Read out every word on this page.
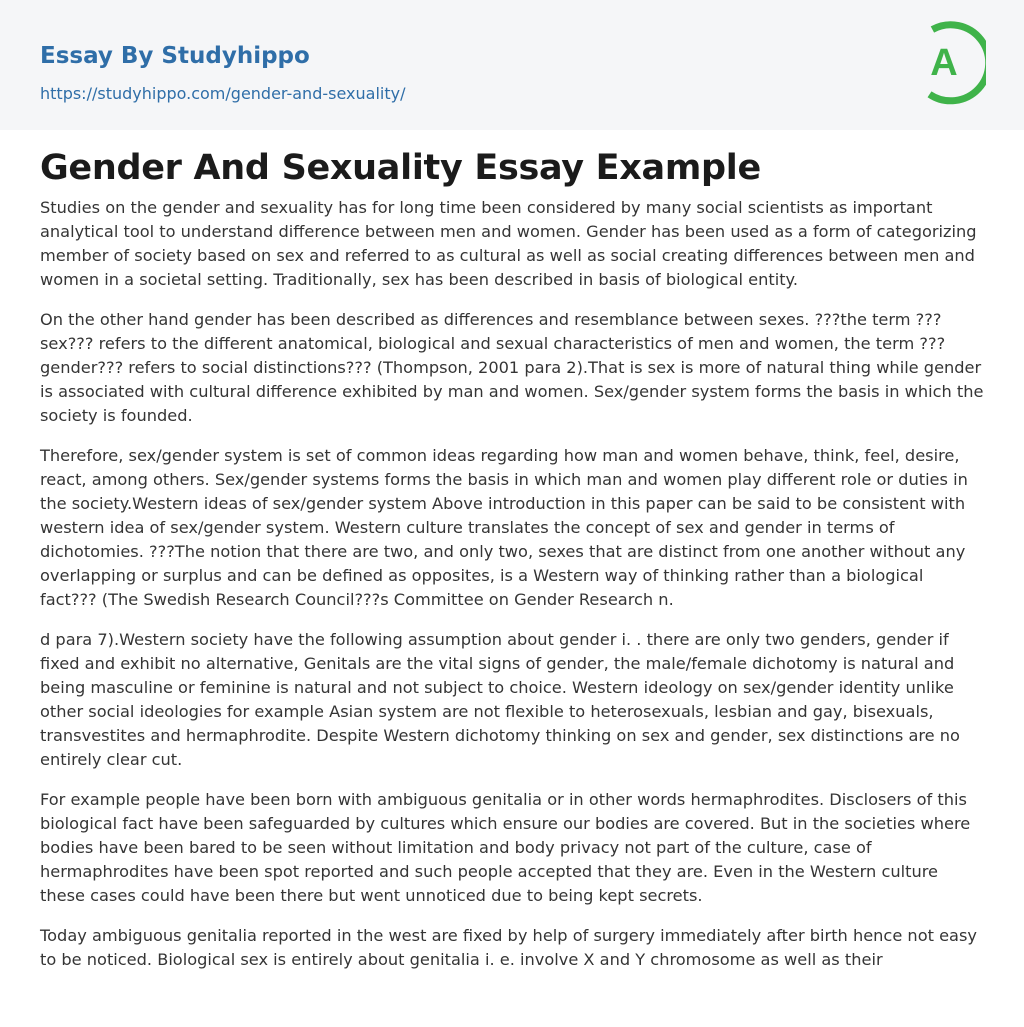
Essay By Studyhippo
https://studyhippo.com/gender-and-sexuality/
A
Gender And Sexuality Essay Example

Studies on the gender and sexuality has for long time been considered by many social scientists as important analytical tool to understand difference between men and women. Gender has been used as a form of categorizing member of society based on sex and referred to as cultural as well as social creating differences between men and women in a societal setting. Traditionally, sex has been described in basis of biological entity.

On the other hand gender has been described as differences and resemblance between sexes. ???the term ??? sex??? refers to the different anatomical, biological and sexual characteristics of men and women, the term ??? gender??? refers to social distinctions??? (Thompson, 2001 para 2).That is sex is more of natural thing while gender is associated with cultural difference exhibited by man and women. Sex/gender system forms the basis in which the society is founded.

Therefore, sex/gender system is set of common ideas regarding how man and women behave, think, feel, desire, react, among others. Sex/gender systems forms the basis in which man and women play different role or duties in the society.Western ideas of sex/gender system Above introduction in this paper can be said to be consistent with western idea of sex/gender system. Western culture translates the concept of sex and gender in terms of dichotomies. ???The notion that there are two, and only two, sexes that are distinct from one another without any overlapping or surplus and can be defined as opposites, is a Western way of thinking rather than a biological fact??? (The Swedish Research Council???s Committee on Gender Research n.

d para 7).Western society have the following assumption about gender i. . there are only two genders, gender if fixed and exhibit no alternative, Genitals are the vital signs of gender, the male/female dichotomy is natural and being masculine or feminine is natural and not subject to choice. Western ideology on sex/gender identity unlike other social ideologies for example Asian system are not flexible to heterosexuals, lesbian and gay, bisexuals, transvestites and hermaphrodite. Despite Western dichotomy thinking on sex and gender, sex distinctions are no entirely clear cut.

For example people have been born with ambiguous genitalia or in other words hermaphrodites. Disclosers of this biological fact have been safeguarded by cultures which ensure our bodies are covered. But in the societies where bodies have been bared to be seen without limitation and body privacy not part of the culture, case of hermaphrodites have been spot reported and such people accepted that they are. Even in the Western culture these cases could have been there but went unnoticed due to being kept secrets.

Today ambiguous genitalia reported in the west are fixed by help of surgery immediately after birth hence not easy to be noticed. Biological sex is entirely about genitalia i. e. involve X and Y chromosome as well as their
